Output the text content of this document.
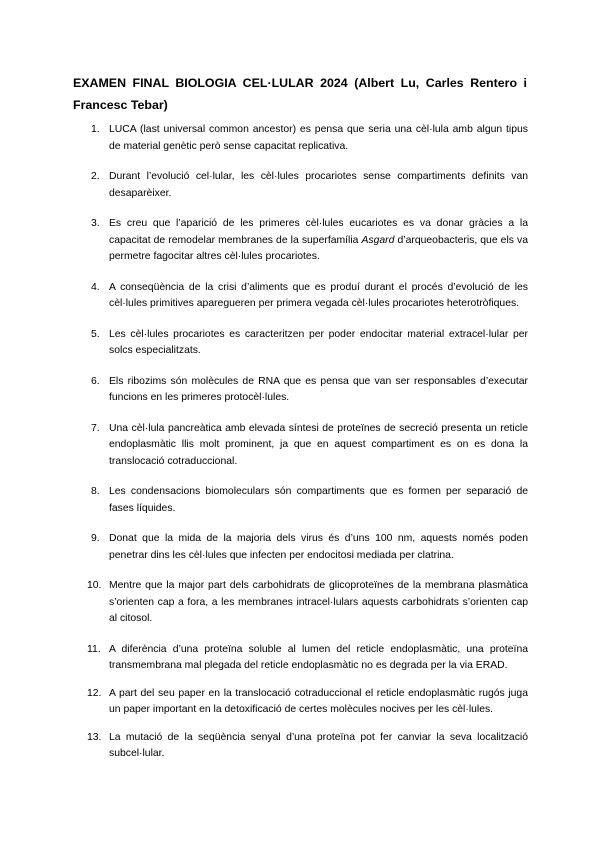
EXAMEN FINAL BIOLOGIA CEL·LULAR 2024 (Albert Lu, Carles Rentero i Francesc Tebar)
1. LUCA (last universal common ancestor) es pensa que seria una cèl·lula amb algun tipus de material genètic però sense capacitat replicativa.
2. Durant l’evolució cel·lular, les cèl·lules procariotes sense compartiments definits van desaparèixer.
3. Es creu que l’aparició de les primeres cèl·lules eucariotes es va donar gràcies a la capacitat de remodelar membranes de la superfamília Asgard d’arqueobacteris, que els va permetre fagocitar altres cèl·lules procariotes.
4. A conseqüència de la crisi d’aliments que es produí durant el procés d’evolució de les cèl·lules primitives aparegueren per primera vegada cèl·lules procariotes heterotròfiques.
5. Les cèl·lules procariotes es caracteritzen per poder endocitar material extracel·lular per solcs especialitzats.
6. Els ribozims són molècules de RNA que es pensa que van ser responsables d’executar funcions en les primeres protocèl·lules.
7. Una cèl·lula pancreàtica amb elevada síntesi de proteïnes de secreció presenta un reticle endoplasmàtic llis molt prominent, ja que en aquest compartiment es on es dona la translocació cotraduccional.
8. Les condensacions biomoleculars són compartiments que es formen per separació de fases líquides.
9. Donat que la mida de la majoria dels virus és d’uns 100 nm, aquests només poden penetrar dins les cèl·lules que infecten per endocitosi mediada per clatrina.
10. Mentre que la major part dels carbohidrats de glicoproteïnes de la membrana plasmàtica s’orienten cap a fora, a les membranes intracel·lulars aquests carbohidrats s’orienten cap al citosol.
11. A diferència d’una proteïna soluble al lumen del reticle endoplasmàtic, una proteïna transmembrana mal plegada del reticle endoplasmàtic no es degrada per la via ERAD.
12. A part del seu paper en la translocació cotraduccional el reticle endoplasmàtic rugós juga un paper important en la detoxificació de certes molècules nocives per les cèl·lules.
13. La mutació de la seqüència senyal d’una proteïna pot fer canviar la seva localització subcel·lular.
